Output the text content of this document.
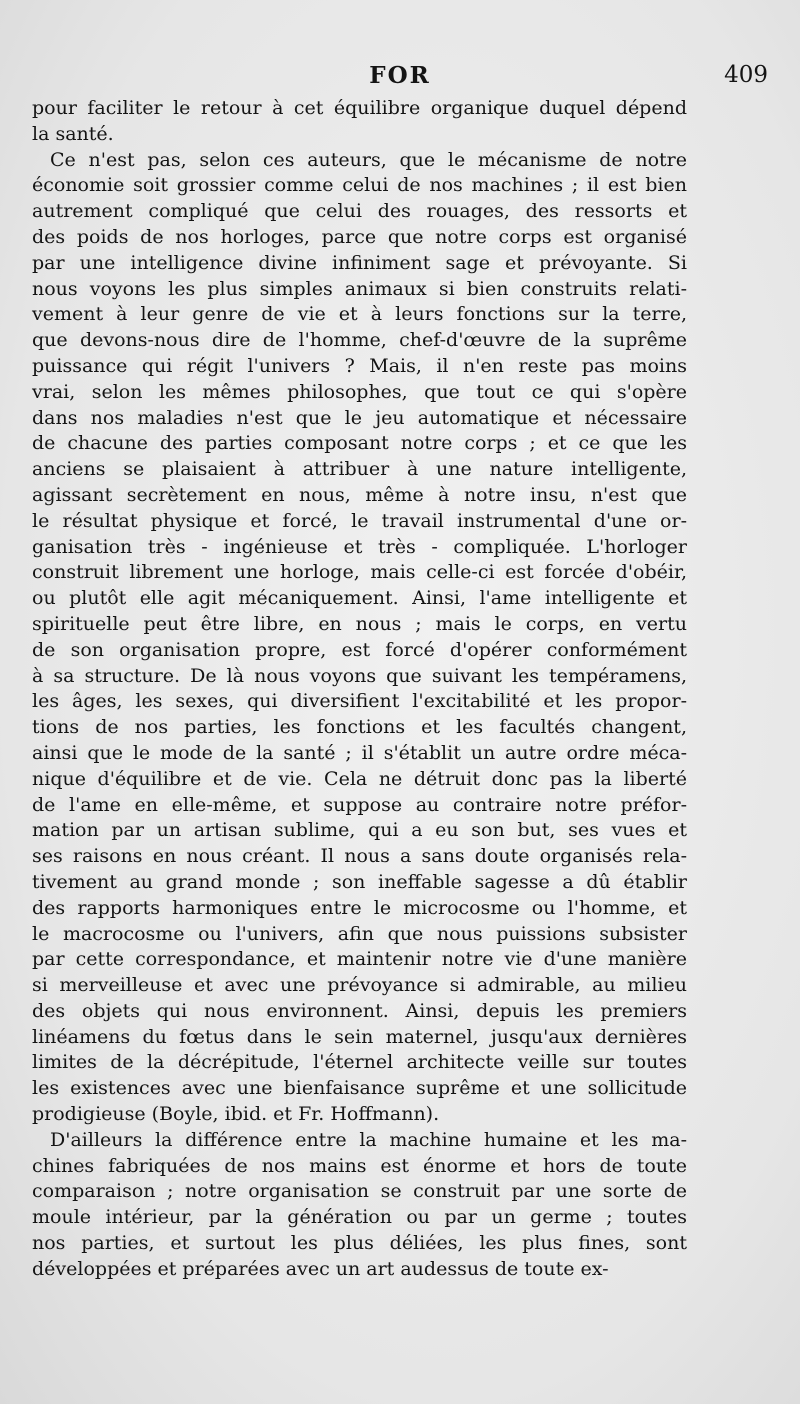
FOR	409
pour faciliter le retour à cet équilibre organique duquel dépend
la santé.
Ce n'est pas, selon ces auteurs, que le mécanisme de notre
économie soit grossier comme celui de nos machines ; il est bien
autrement compliqué que celui des rouages, des ressorts et
des poids de nos horloges, parce que notre corps est organisé
par une intelligence divine infiniment sage et prévoyante. Si
nous voyons les plus simples animaux si bien construits relati-
vement à leur genre de vie et à leurs fonctions sur la terre,
que devons-nous dire de l'homme, chef-d'œuvre de la suprême
puissance qui régit l'univers ? Mais, il n'en reste pas moins
vrai, selon les mêmes philosophes, que tout ce qui s'opère
dans nos maladies n'est que le jeu automatique et nécessaire
de chacune des parties composant notre corps ; et ce que les
anciens se plaisaient à attribuer à une nature intelligente,
agissant secrètement en nous, même à notre insu, n'est que
le résultat physique et forcé, le travail instrumental d'une or-
ganisation très - ingénieuse et très - compliquée. L'horloger
construit librement une horloge, mais celle-ci est forcée d'obéir,
ou plutôt elle agit mécaniquement. Ainsi, l'ame intelligente et
spirituelle peut être libre, en nous ; mais le corps, en vertu
de son organisation propre, est forcé d'opérer conformément
à sa structure. De là nous voyons que suivant les tempéramens,
les âges, les sexes, qui diversifient l'excitabilité et les propor-
tions de nos parties, les fonctions et les facultés changent,
ainsi que le mode de la santé ; il s'établit un autre ordre méca-
nique d'équilibre et de vie. Cela ne détruit donc pas la liberté
de l'ame en elle-même, et suppose au contraire notre préfor-
mation par un artisan sublime, qui a eu son but, ses vues et
ses raisons en nous créant. Il nous a sans doute organisés rela-
tivement au grand monde ; son ineffable sagesse a dû établir
des rapports harmoniques entre le microcosme ou l'homme, et
le macrocosme ou l'univers, afin que nous puissions subsister
par cette correspondance, et maintenir notre vie d'une manière
si merveilleuse et avec une prévoyance si admirable, au milieu
des objets qui nous environnent. Ainsi, depuis les premiers
linéamens du fœtus dans le sein maternel, jusqu'aux dernières
limites de la décrépitude, l'éternel architecte veille sur toutes
les existences avec une bienfaisance suprême et une sollicitude
prodigieuse (Boyle, ibid. et Fr. Hoffmann).
D'ailleurs la différence entre la machine humaine et les ma-
chines fabriquées de nos mains est énorme et hors de toute
comparaison ; notre organisation se construit par une sorte de
moule intérieur, par la génération ou par un germe ; toutes
nos parties, et surtout les plus déliées, les plus fines, sont
développées et préparées avec un art audessus de toute ex-
